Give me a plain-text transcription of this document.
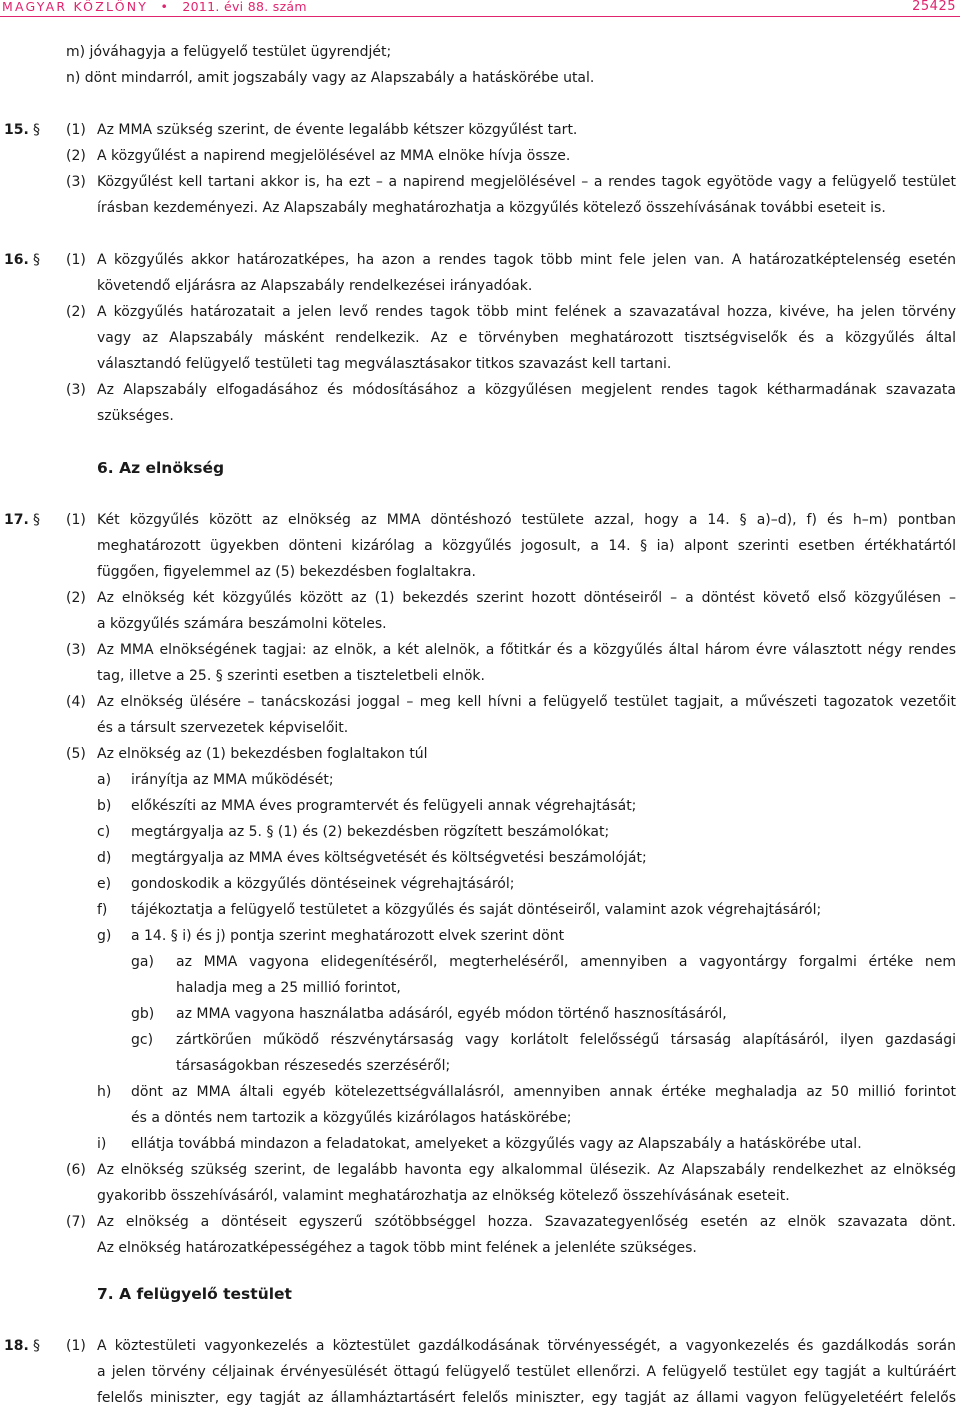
MAGYAR KÖZLÖNY  •  2011. évi 88. szám	25425
m) jóváhagyja a felügyelő testület ügyrendjét;
n) dönt mindarról, amit jogszabály vagy az Alapszabály a hatáskörébe utal.
15. § (1) Az MMA szükség szerint, de évente legalább kétszer közgyűlést tart.
(2) A közgyűlést a napirend megjelölésével az MMA elnöke hívja össze.
(3) Közgyűlést kell tartani akkor is, ha ezt – a napirend megjelölésével – a rendes tagok egyötöde vagy a felügyelő testület
írásban kezdeményezi. Az Alapszabály meghatározhatja a közgyűlés kötelező összehívásának további eseteit is.
16. § (1) A közgyűlés akkor határozatképes, ha azon a rendes tagok több mint fele jelen van. A határozatképtelenség esetén
követendő eljárásra az Alapszabály rendelkezései irányadóak.
(2) A közgyűlés határozatait a jelen levő rendes tagok több mint felének a szavazatával hozza, kivéve, ha jelen törvény
vagy az Alapszabály másként rendelkezik. Az e törvényben meghatározott tisztségviselők és a közgyűlés által
választandó felügyelő testületi tag megválasztásakor titkos szavazást kell tartani.
(3) Az Alapszabály elfogadásához és módosításához a közgyűlésen megjelent rendes tagok kétharmadának szavazata
szükséges.
6. Az elnökség
17. § (1) Két közgyűlés között az elnökség az MMA döntéshozó testülete azzal, hogy a 14. § a)–d), f) és h–m) pontban
meghatározott ügyekben dönteni kizárólag a közgyűlés jogosult, a 14. § ia) alpont szerinti esetben értékhatártól
függően, figyelemmel az (5) bekezdésben foglaltakra.
(2) Az elnökség két közgyűlés között az (1) bekezdés szerint hozott döntéseiről – a döntést követő első közgyűlésen –
a közgyűlés számára beszámolni köteles.
(3) Az MMA elnökségének tagjai: az elnök, a két alelnök, a főtitkár és a közgyűlés által három évre választott négy rendes
tag, illetve a 25. § szerinti esetben a tiszteletbeli elnök.
(4) Az elnökség ülésére – tanácskozási joggal – meg kell hívni a felügyelő testület tagjait, a művészeti tagozatok vezetőit
és a társult szervezetek képviselőit.
(5) Az elnökség az (1) bekezdésben foglaltakon túl
a) irányítja az MMA működését;
b) előkészíti az MMA éves programtervét és felügyeli annak végrehajtását;
c) megtárgyalja az 5. § (1) és (2) bekezdésben rögzített beszámolókat;
d) megtárgyalja az MMA éves költségvetését és költségvetési beszámolóját;
e) gondoskodik a közgyűlés döntéseinek végrehajtásáról;
f) tájékoztatja a felügyelő testületet a közgyűlés és saját döntéseiről, valamint azok végrehajtásáról;
g) a 14. § i) és j) pontja szerint meghatározott elvek szerint dönt
ga) az MMA vagyona elidegenítéséről, megterheléséről, amennyiben a vagyontárgy forgalmi értéke nem
haladja meg a 25 millió forintot,
gb) az MMA vagyona használatba adásáról, egyéb módon történő hasznosításáról,
gc) zártkörűen működő részvénytársaság vagy korlátolt felelősségű társaság alapításáról, ilyen gazdasági
társaságokban részesedés szerzéséről;
h) dönt az MMA általi egyéb kötelezettségvállalásról, amennyiben annak értéke meghaladja az 50 millió forintot
és a döntés nem tartozik a közgyűlés kizárólagos hatáskörébe;
i) ellátja továbbá mindazon a feladatokat, amelyeket a közgyűlés vagy az Alapszabály a hatáskörébe utal.
(6) Az elnökség szükség szerint, de legalább havonta egy alkalommal ülésezik. Az Alapszabály rendelkezhet az elnökség
gyakoribb összehívásáról, valamint meghatározhatja az elnökség kötelező összehívásának eseteit.
(7) Az elnökség a döntéseit egyszerű szótöbbséggel hozza. Szavazategyenlőség esetén az elnök szavazata dönt.
Az elnökség határozatképességéhez a tagok több mint felének a jelenléte szükséges.
7. A felügyelő testület
18. § (1) A köztestületi vagyonkezelés a köztestület gazdálkodásának törvényességét, a vagyonkezelés és gazdálkodás során
a jelen törvény céljainak érvényesülését öttagú felügyelő testület ellenőrzi. A felügyelő testület egy tagját a kultúráért
felelős miniszter, egy tagját az államháztartásért felelős miniszter, egy tagját az állami vagyon felügyeletéért felelős
